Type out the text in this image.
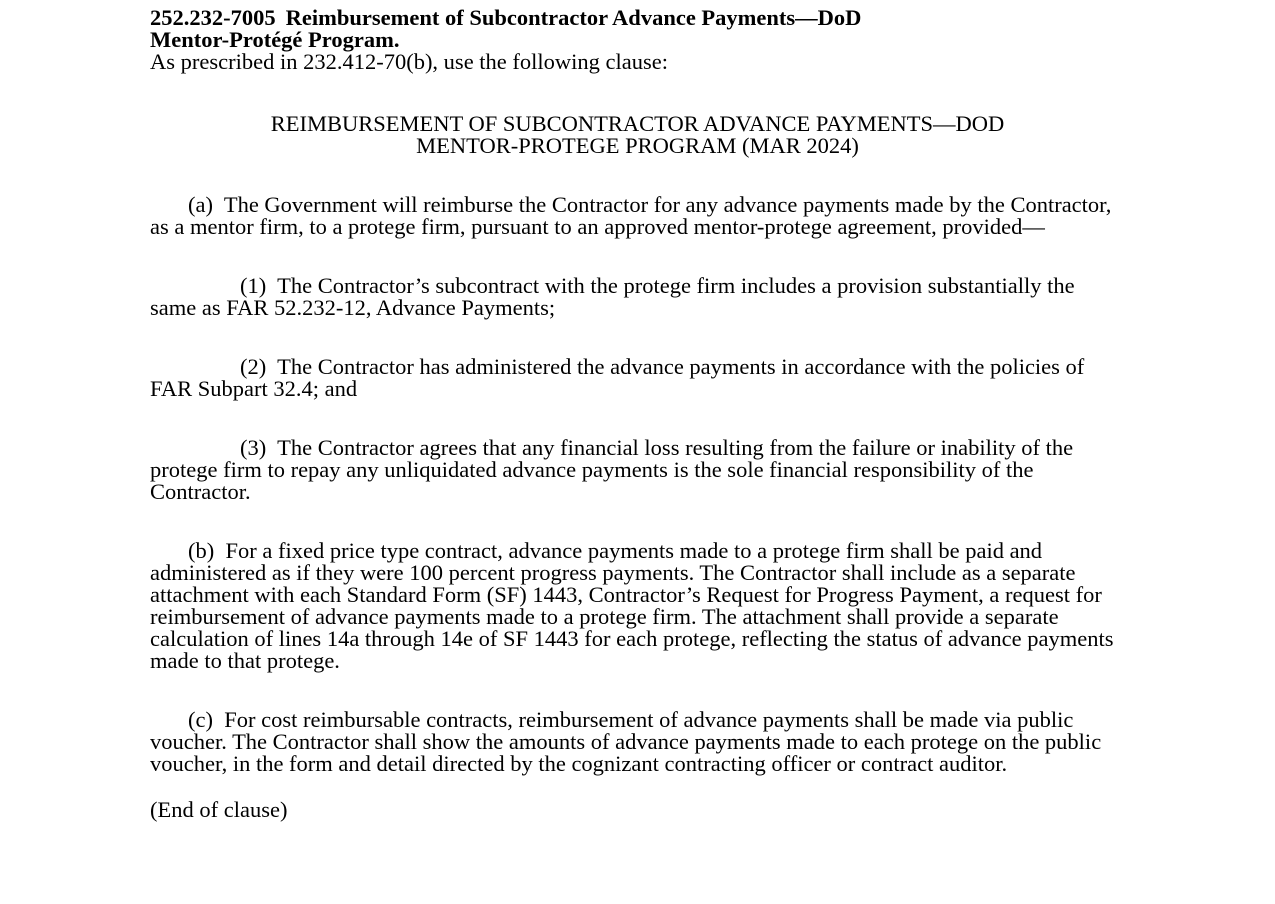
252.232-7005 Reimbursement of Subcontractor Advance Payments—DoD
Mentor-Protégé Program.

As prescribed in 232.412-70(b), use the following clause:

REIMBURSEMENT OF SUBCONTRACTOR ADVANCE PAYMENTS—DOD
MENTOR-PROTEGE PROGRAM (MAR 2024)

(a) The Government will reimburse the Contractor for any advance payments made by the Contractor, as a mentor firm, to a protege firm, pursuant to an approved mentor-protege agreement, provided—

(1) The Contractor’s subcontract with the protege firm includes a provision substantially the same as FAR 52.232-12, Advance Payments;

(2) The Contractor has administered the advance payments in accordance with the policies of FAR Subpart 32.4; and

(3) The Contractor agrees that any financial loss resulting from the failure or inability of the protege firm to repay any unliquidated advance payments is the sole financial responsibility of the Contractor.

(b) For a fixed price type contract, advance payments made to a protege firm shall be paid and administered as if they were 100 percent progress payments. The Contractor shall include as a separate attachment with each Standard Form (SF) 1443, Contractor’s Request for Progress Payment, a request for reimbursement of advance payments made to a protege firm. The attachment shall provide a separate calculation of lines 14a through 14e of SF 1443 for each protege, reflecting the status of advance payments made to that protege.

(c) For cost reimbursable contracts, reimbursement of advance payments shall be made via public voucher. The Contractor shall show the amounts of advance payments made to each protege on the public voucher, in the form and detail directed by the cognizant contracting officer or contract auditor.

(End of clause)
